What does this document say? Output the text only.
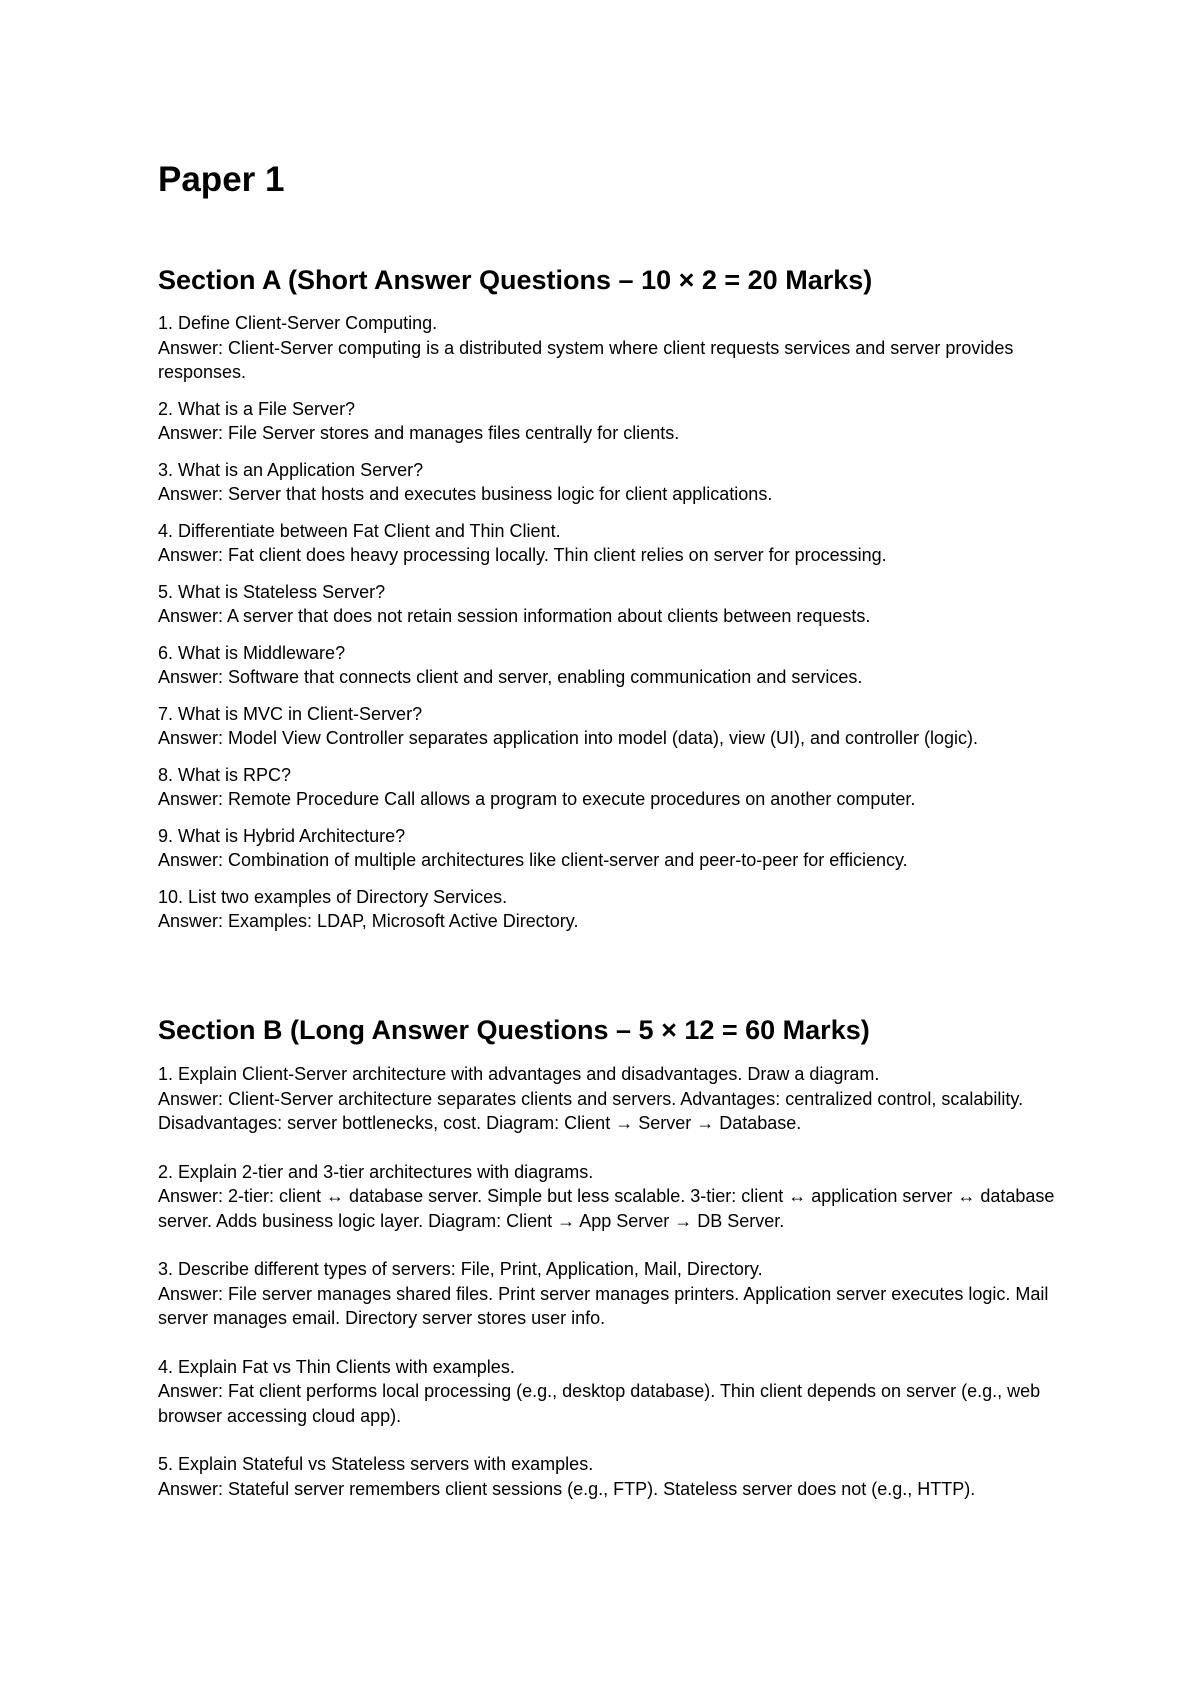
Paper 1
Section A (Short Answer Questions – 10 × 2 = 20 Marks)
1. Define Client-Server Computing.
Answer: Client-Server computing is a distributed system where client requests services and server provides responses.
2. What is a File Server?
Answer: File Server stores and manages files centrally for clients.
3. What is an Application Server?
Answer: Server that hosts and executes business logic for client applications.
4. Differentiate between Fat Client and Thin Client.
Answer: Fat client does heavy processing locally. Thin client relies on server for processing.
5. What is Stateless Server?
Answer: A server that does not retain session information about clients between requests.
6. What is Middleware?
Answer: Software that connects client and server, enabling communication and services.
7. What is MVC in Client-Server?
Answer: Model View Controller separates application into model (data), view (UI), and controller (logic).
8. What is RPC?
Answer: Remote Procedure Call allows a program to execute procedures on another computer.
9. What is Hybrid Architecture?
Answer: Combination of multiple architectures like client-server and peer-to-peer for efficiency.
10. List two examples of Directory Services.
Answer: Examples: LDAP, Microsoft Active Directory.
Section B (Long Answer Questions – 5 × 12 = 60 Marks)
1. Explain Client-Server architecture with advantages and disadvantages. Draw a diagram.
Answer: Client-Server architecture separates clients and servers. Advantages: centralized control, scalability. Disadvantages: server bottlenecks, cost. Diagram: Client → Server → Database.
2. Explain 2-tier and 3-tier architectures with diagrams.
Answer: 2-tier: client ↔ database server. Simple but less scalable. 3-tier: client ↔ application server ↔ database server. Adds business logic layer. Diagram: Client → App Server → DB Server.
3. Describe different types of servers: File, Print, Application, Mail, Directory.
Answer: File server manages shared files. Print server manages printers. Application server executes logic. Mail server manages email. Directory server stores user info.
4. Explain Fat vs Thin Clients with examples.
Answer: Fat client performs local processing (e.g., desktop database). Thin client depends on server (e.g., web browser accessing cloud app).
5. Explain Stateful vs Stateless servers with examples.
Answer: Stateful server remembers client sessions (e.g., FTP). Stateless server does not (e.g., HTTP).
